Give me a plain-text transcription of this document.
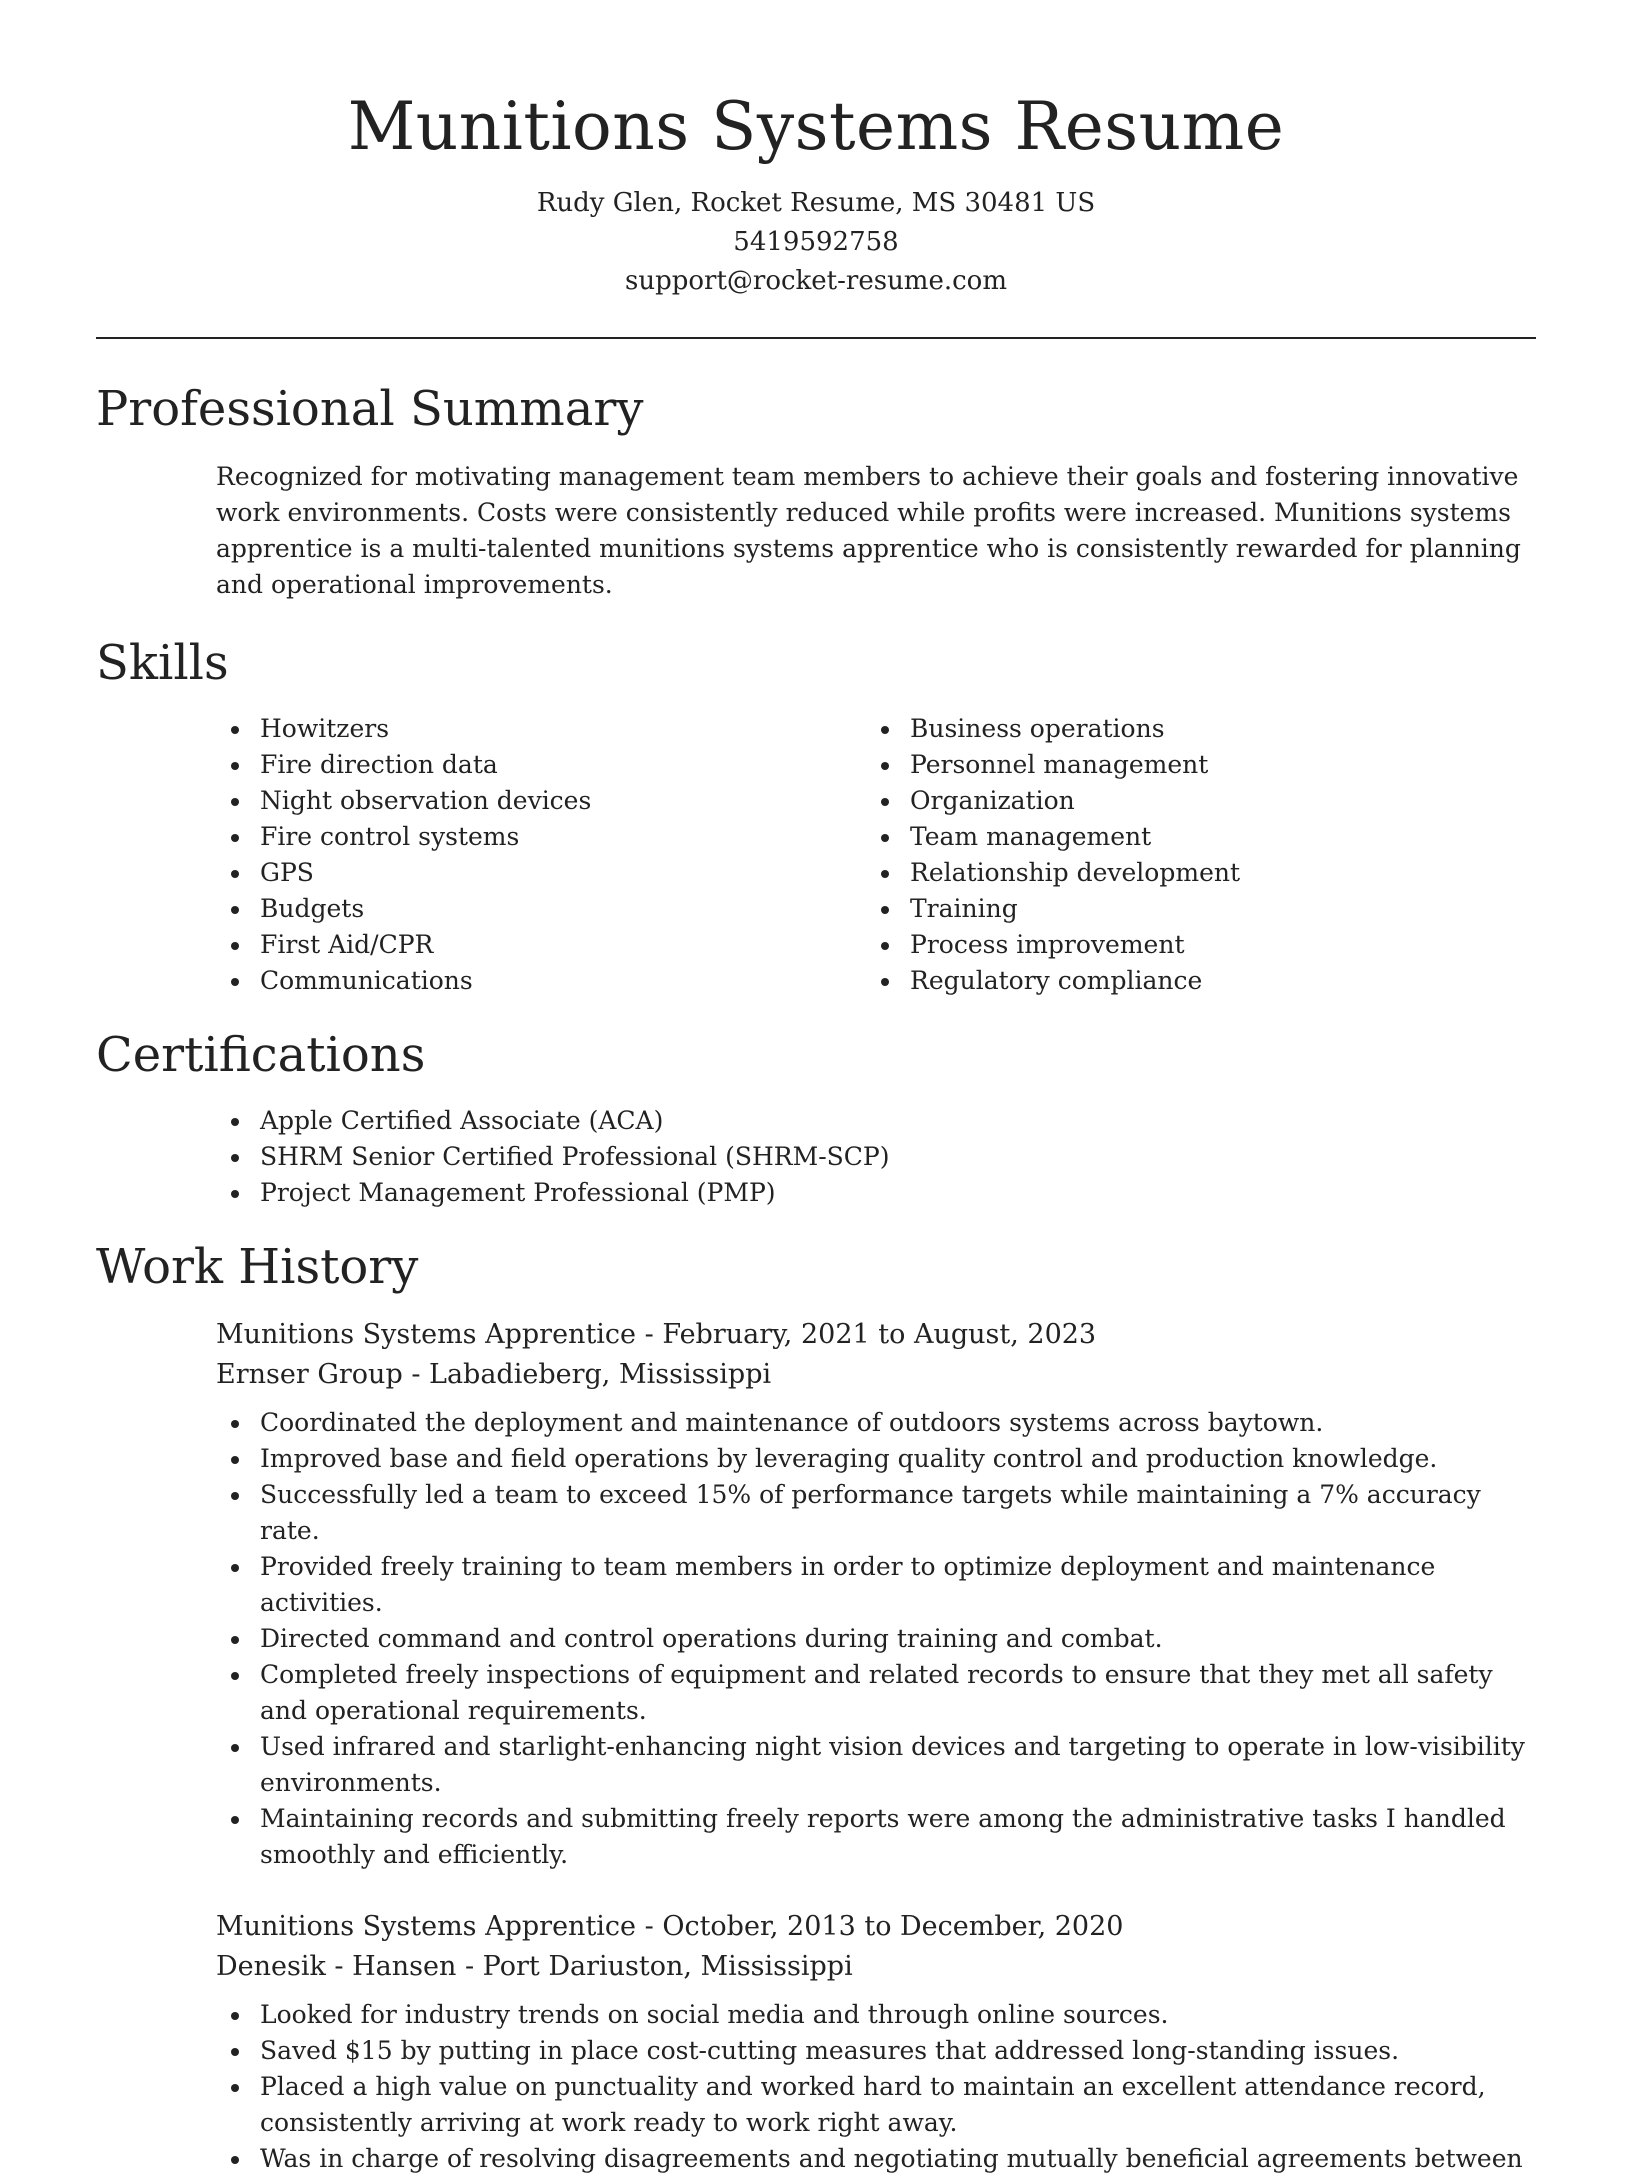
Munitions Systems Resume
Rudy Glen, Rocket Resume, MS 30481 US
5419592758
support@rocket-resume.com
Professional Summary
Recognized for motivating management team members to achieve their goals and fostering innovative work environments. Costs were consistently reduced while profits were increased. Munitions systems apprentice is a multi-talented munitions systems apprentice who is consistently rewarded for planning and operational improvements.
Skills
Howitzers
Fire direction data
Night observation devices
Fire control systems
GPS
Budgets
First Aid/CPR
Communications
Business operations
Personnel management
Organization
Team management
Relationship development
Training
Process improvement
Regulatory compliance
Certifications
Apple Certified Associate (ACA)
SHRM Senior Certified Professional (SHRM-SCP)
Project Management Professional (PMP)
Work History
Munitions Systems Apprentice - February, 2021 to August, 2023
Ernser Group - Labadieberg, Mississippi
Coordinated the deployment and maintenance of outdoors systems across baytown.
Improved base and field operations by leveraging quality control and production knowledge.
Successfully led a team to exceed 15% of performance targets while maintaining a 7% accuracy rate.
Provided freely training to team members in order to optimize deployment and maintenance activities.
Directed command and control operations during training and combat.
Completed freely inspections of equipment and related records to ensure that they met all safety and operational requirements.
Used infrared and starlight-enhancing night vision devices and targeting to operate in low-visibility environments.
Maintaining records and submitting freely reports were among the administrative tasks I handled smoothly and efficiently.
Munitions Systems Apprentice - October, 2013 to December, 2020
Denesik - Hansen - Port Dariuston, Mississippi
Looked for industry trends on social media and through online sources.
Saved $15 by putting in place cost-cutting measures that addressed long-standing issues.
Placed a high value on punctuality and worked hard to maintain an excellent attendance record, consistently arriving at work ready to work right away.
Was in charge of resolving disagreements and negotiating mutually beneficial agreements between
